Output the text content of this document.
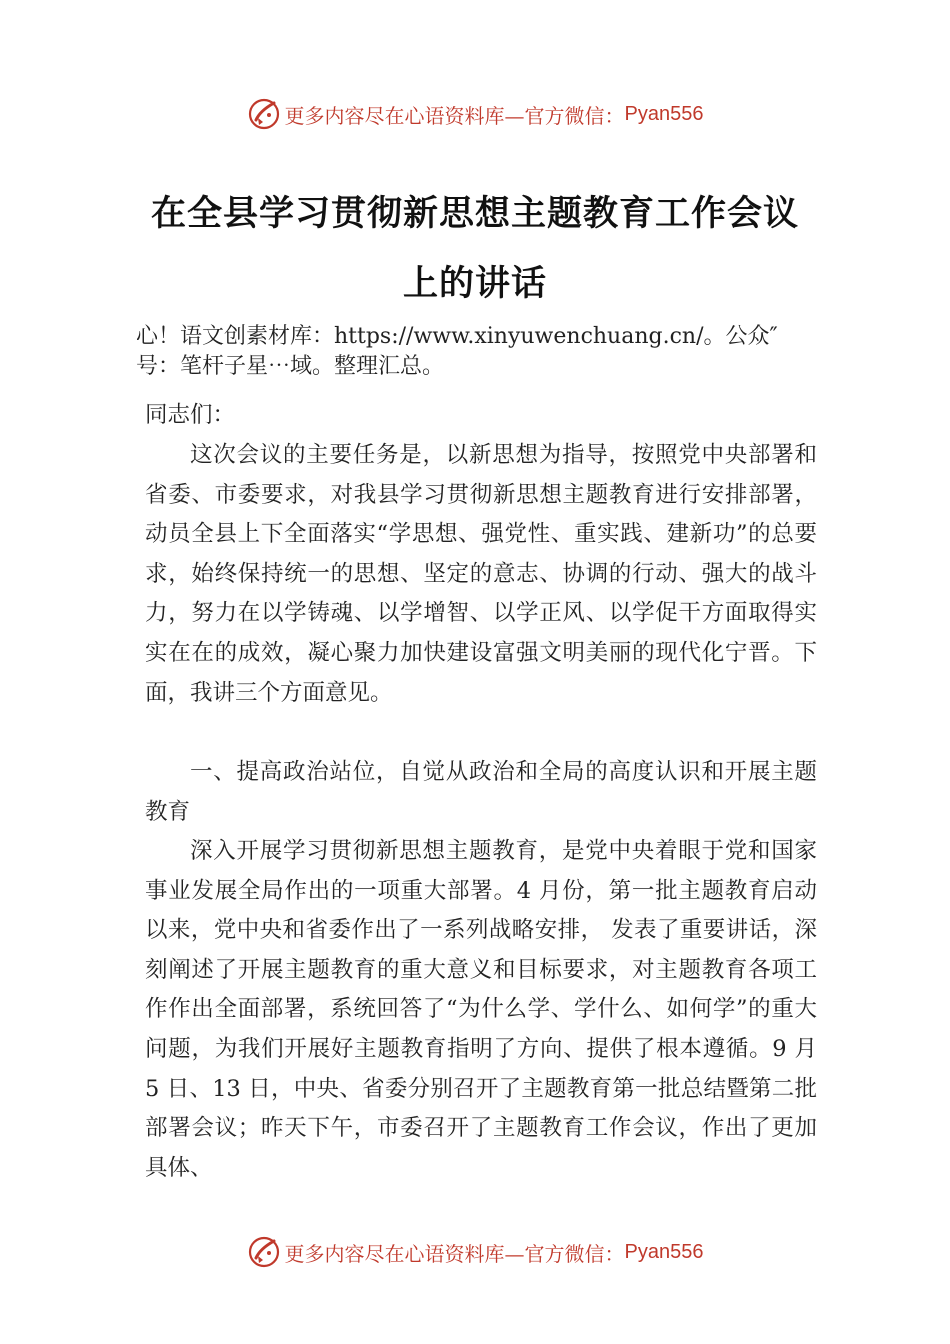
更多内容尽在心语资料库—官方微信： Pyan556
在全县学习贯彻新思想主题教育工作会议
上的讲话
心！语文创素材库：https://www.xinyuwenchuang.cn/。公众″号：笔杆子星⋯域。整理汇总。
同志们：

这次会议的主要任务是，以新思想为指导，按照党中央部署和省委、市委要求，对我县学习贯彻新思想主题教育进行安排部署，动员全县上下全面落实“学思想、强党性、重实践、建新功”的总要求，始终保持统一的思想、坚定的意志、协调的行动、强大的战斗力，努力在以学铸魂、以学增智、以学正风、以学促干方面取得实实在在的成效，凝心聚力加快建设富强文明美丽的现代化宁晋。下面，我讲三个方面意见。

一、提高政治站位，自觉从政治和全局的高度认识和开展主题教育

深入开展学习贯彻新思想主题教育，是党中央着眼于党和国家事业发展全局作出的一项重大部署。4 月份，第一批主题教育启动以来，党中央和省委作出了一系列战略安排， 发表了重要讲话，深刻阐述了开展主题教育的重大意义和目标要求，对主题教育各项工作作出全面部署，系统回答了“为什么学、学什么、如何学”的重大问题，为我们开展好主题教育指明了方向、提供了根本遵循。9 月 5 日、13 日，中央、省委分别召开了主题教育第一批总结暨第二批部署会议；昨天下午，市委召开了主题教育工作会议，作出了更加具体、

更多内容尽在心语资料库—官方微信： Pyan556
